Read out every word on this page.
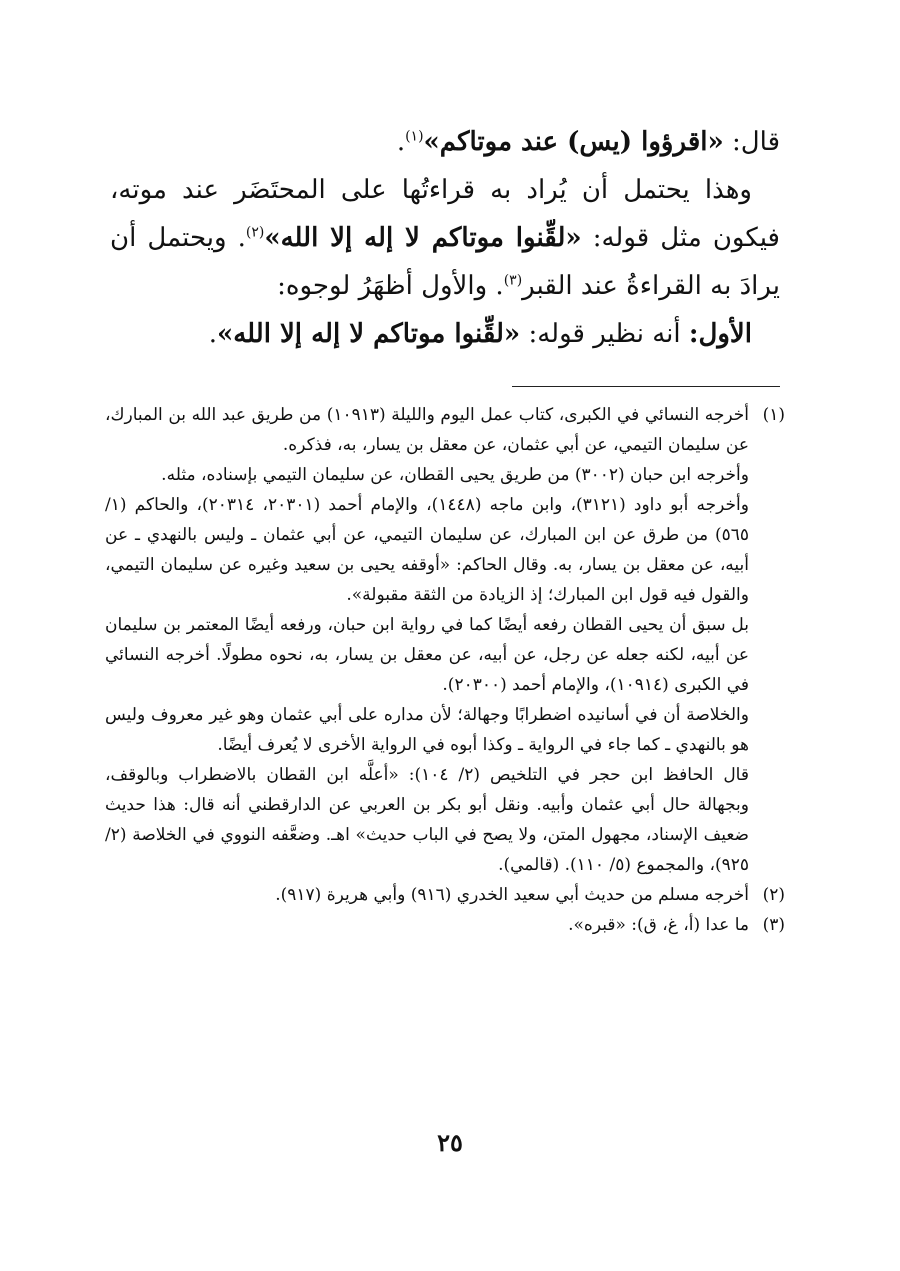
قال: «اقرؤوا (يس) عند موتاكم»$^{(١)}$.

وهذا يحتمل أن يُراد به قراءتُها على المحتَضَر عند موته، فيكون مثل قوله: «لقِّنوا موتاكم لا إله إلا الله»$^{(٢)}$. ويحتمل أن يرادَ به القراءةُ عند القبر$^{(٣)}$. والأول أظهَرُ لوجوه:

الأول: أنه نظير قوله: «لقِّنوا موتاكم لا إله إلا الله».

(١)

أخرجه النسائي في الكبرى، كتاب عمل اليوم والليلة (١٠٩١٣) من طريق عبد الله بن المبارك، عن سليمان التيمي، عن أبي عثمان، عن معقل بن يسار، به، فذكره.

وأخرجه ابن حبان (٣٠٠٢) من طريق يحيى القطان، عن سليمان التيمي بإسناده، مثله.

وأخرجه أبو داود (٣١٢١)، وابن ماجه (١٤٤٨)، والإمام أحمد (٢٠٣٠١، ٢٠٣١٤)، والحاكم (١/ ٥٦٥) من طرق عن ابن المبارك، عن سليمان التيمي، عن أبي عثمان ـ وليس بالنهدي ـ عن أبيه، عن معقل بن يسار، به. وقال الحاكم: «أوقفه يحيى بن سعيد وغيره عن سليمان التيمي، والقول فيه قول ابن المبارك؛ إذ الزيادة من الثقة مقبولة».

بل سبق أن يحيى القطان رفعه أيضًا كما في رواية ابن حبان، ورفعه أيضًا المعتمر بن سليمان عن أبيه، لكنه جعله عن رجل، عن أبيه، عن معقل بن يسار، به، نحوه مطولًا. أخرجه النسائي في الكبرى (١٠٩١٤)، والإمام أحمد (٢٠٣٠٠).

والخلاصة أن في أسانيده اضطرابًا وجهالة؛ لأن مداره على أبي عثمان وهو غير معروف وليس هو بالنهدي ـ كما جاء في الرواية ـ وكذا أبوه في الرواية الأخرى لا يُعرف أيضًا.

قال الحافظ ابن حجر في التلخيص (٢/ ١٠٤): «أعلَّه ابن القطان بالاضطراب وبالوقف، وبجهالة حال أبي عثمان وأبيه. ونقل أبو بكر بن العربي عن الدارقطني أنه قال: هذا حديث ضعيف الإسناد، مجهول المتن، ولا يصح في الباب حديث» اهـ. وضعَّفه النووي في الخلاصة (٢/ ٩٢٥)، والمجموع (٥/ ١١٠). (قالمي).

(٢)

أخرجه مسلم من حديث أبي سعيد الخدري (٩١٦) وأبي هريرة (٩١٧).

(٣)

ما عدا (أ، غ، ق): «قبره».

٢٥
